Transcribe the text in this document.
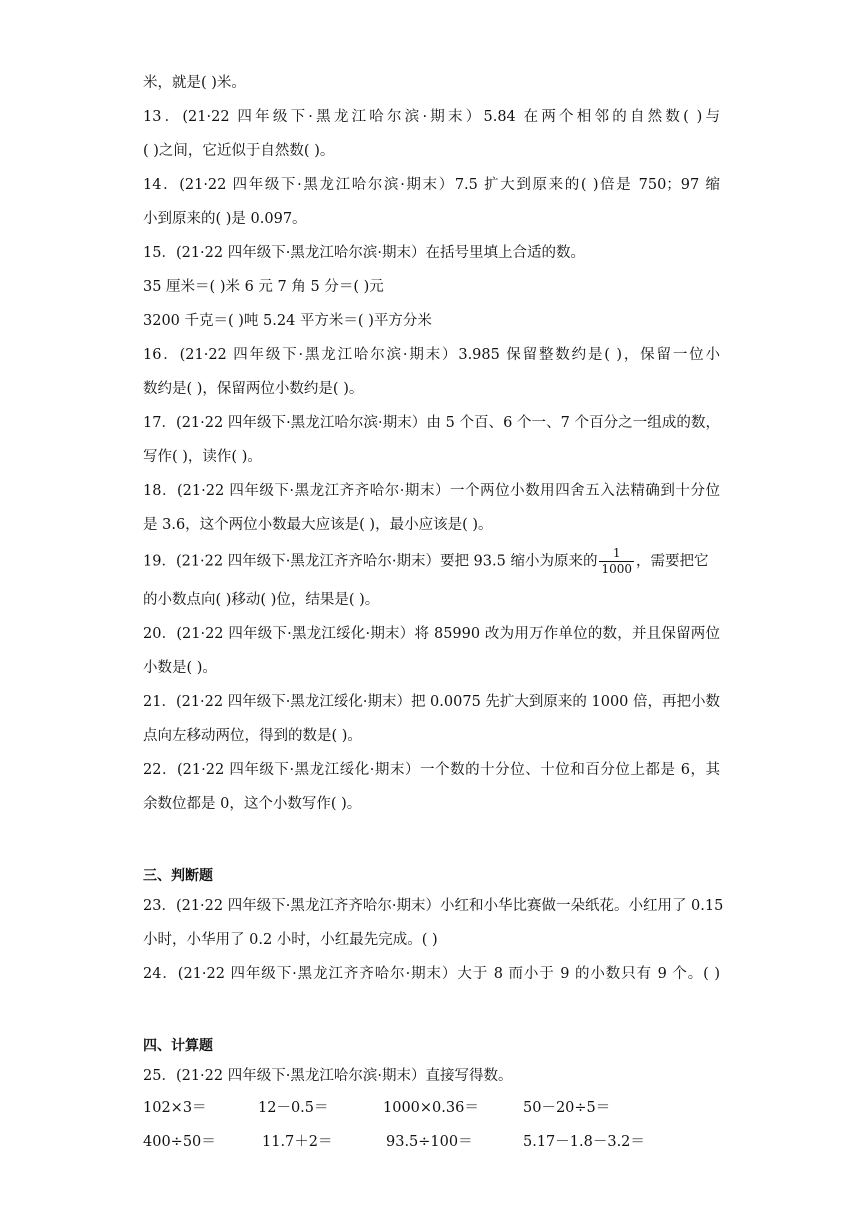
米，就是( )米。
13．(21·22 四年级下·黑龙江哈尔滨·期末）5.84 在两个相邻的自然数( )与
( )之间，它近似于自然数( )。
14．(21·22 四年级下·黑龙江哈尔滨·期末）7.5 扩大到原来的( )倍是 750；97 缩
小到原来的( )是 0.097。
15．(21·22 四年级下·黑龙江哈尔滨·期末）在括号里填上合适的数。
35 厘米＝( )米 6 元 7 角 5 分＝( )元
3200 千克＝( )吨 5.24 平方米＝( )平方分米
16．(21·22 四年级下·黑龙江哈尔滨·期末）3.985 保留整数约是( )，保留一位小
数约是( )，保留两位小数约是( )。
17．(21·22 四年级下·黑龙江哈尔滨·期末）由 5 个百、6 个一、7 个百分之一组成的数，
写作( )，读作( )。
18．(21·22 四年级下·黑龙江齐齐哈尔·期末）一个两位小数用四舍五入法精确到十分位
是 3.6，这个两位小数最大应该是( )，最小应该是( )。
19．(21·22 四年级下·黑龙江齐齐哈尔·期末）要把 93.5 缩小为原来的 $\frac{1}{1000}$ ，需要把它
的小数点向( )移动( )位，结果是( )。
20．(21·22 四年级下·黑龙江绥化·期末）将 85990 改为用万作单位的数，并且保留两位
小数是( )。
21．(21·22 四年级下·黑龙江绥化·期末）把 0.0075 先扩大到原来的 1000 倍，再把小数
点向左移动两位，得到的数是( )。
22．(21·22 四年级下·黑龙江绥化·期末）一个数的十分位、十位和百分位上都是 6，其
余数位都是 0，这个小数写作( )。
三、判断题
23．(21·22 四年级下·黑龙江齐齐哈尔·期末）小红和小华比赛做一朵纸花。小红用了 0.15
小时，小华用了 0.2 小时，小红最先完成。( )
24．(21·22 四年级下·黑龙江齐齐哈尔·期末）大于 8 而小于 9 的小数只有 9 个。( )
四、计算题
25．(21·22 四年级下·黑龙江哈尔滨·期末）直接写得数。
102×3＝	12－0.5＝	1000×0.36＝	50－20÷5＝
400÷50＝	11.7＋2＝	93.5÷100＝	5.17－1.8－3.2＝
